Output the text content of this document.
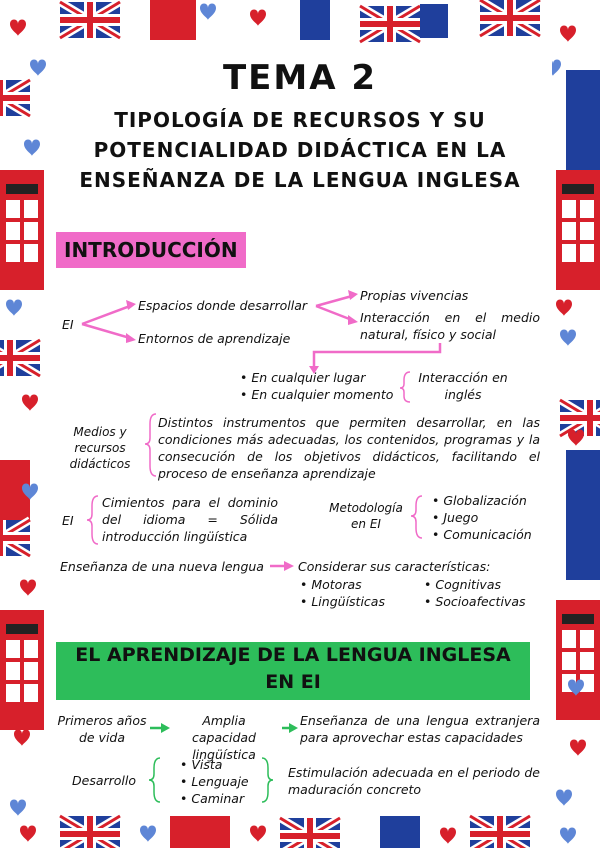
TEMA 2
TIPOLOGÍA DE RECURSOS Y SU
POTENCIALIDAD DIDÁCTICA EN LA
ENSEÑANZA DE LA LENGUA INGLESA
INTRODUCCIÓN
EI
Espacios donde desarrollar
Entornos de aprendizaje
Propias vivencias
Interacción en el medio natural, físico y social
• En cualquier lugar
• En cualquier momento
Interacción en inglés
Medios y recursos didácticos
Distintos instrumentos que permiten desarrollar, en las condiciones más adecuadas, los contenidos, programas y la consecución de los objetivos didácticos, facilitando el proceso de enseñanza aprendizaje
EI
Cimientos para el dominio del idioma = Sólida introducción lingüística
Metodología en EI
• Globalización
• Juego
• Comunicación
Enseñanza de una nueva lengua	Considerar sus características:
• Motoras	• Cognitivas
• Lingüísticas	• Socioafectivas
EL APRENDIZAJE DE LA LENGUA INGLESA
EN EI
Primeros años de vida
Amplia capacidad lingüística
Enseñanza de una lengua extranjera para aprovechar estas capacidades
Desarrollo
• Vista
• Lenguaje
• Caminar
Estimulación adecuada en el periodo de maduración concreto
